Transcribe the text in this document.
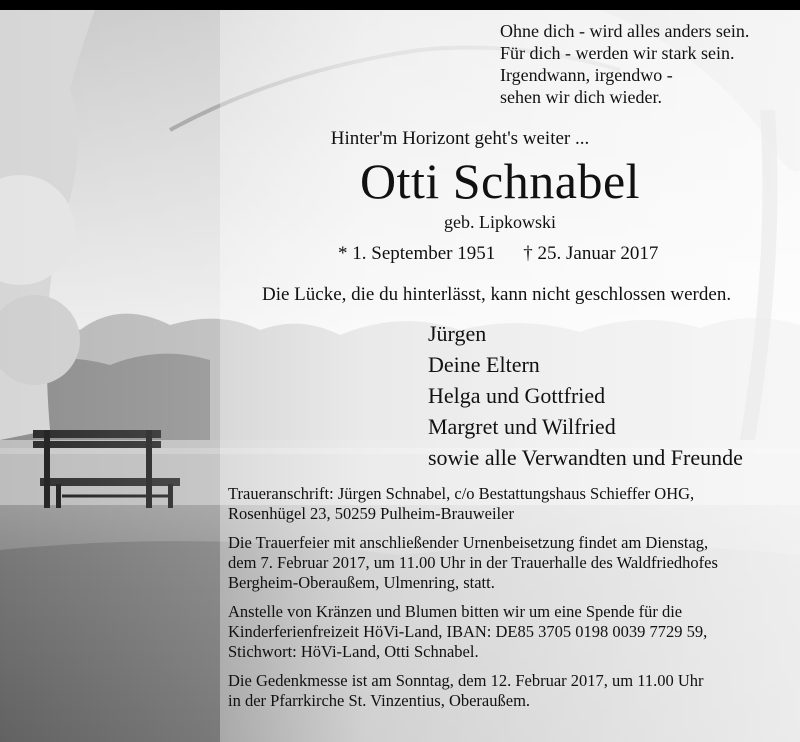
Ohne dich - wird alles anders sein.
Für dich - werden wir stark sein.
Irgendwann, irgendwo -
sehen wir dich wieder.
Hinter'm Horizont geht's weiter ...
Otti Schnabel
geb. Lipkowski
* 1. September 1951 † 25. Januar 2017
Die Lücke, die du hinterlässt, kann nicht geschlossen werden.
Jürgen
Deine Eltern
Helga und Gottfried
Margret und Wilfried
sowie alle Verwandten und Freunde

Traueranschrift: Jürgen Schnabel, c/o Bestattungshaus Schieffer OHG,
Rosenhügel 23, 50259 Pulheim-Brauweiler

Die Trauerfeier mit anschließender Urnenbeisetzung findet am Dienstag,
dem 7. Februar 2017, um 11.00 Uhr in der Trauerhalle des Waldfriedhofes
Bergheim-Oberaußem, Ulmenring, statt.

Anstelle von Kränzen und Blumen bitten wir um eine Spende für die
Kinderferienfreizeit HöVi-Land, IBAN: DE85 3705 0198 0039 7729 59,
Stichwort: HöVi-Land, Otti Schnabel.

Die Gedenkmesse ist am Sonntag, dem 12. Februar 2017, um 11.00 Uhr
in der Pfarrkirche St. Vinzentius, Oberaußem.
